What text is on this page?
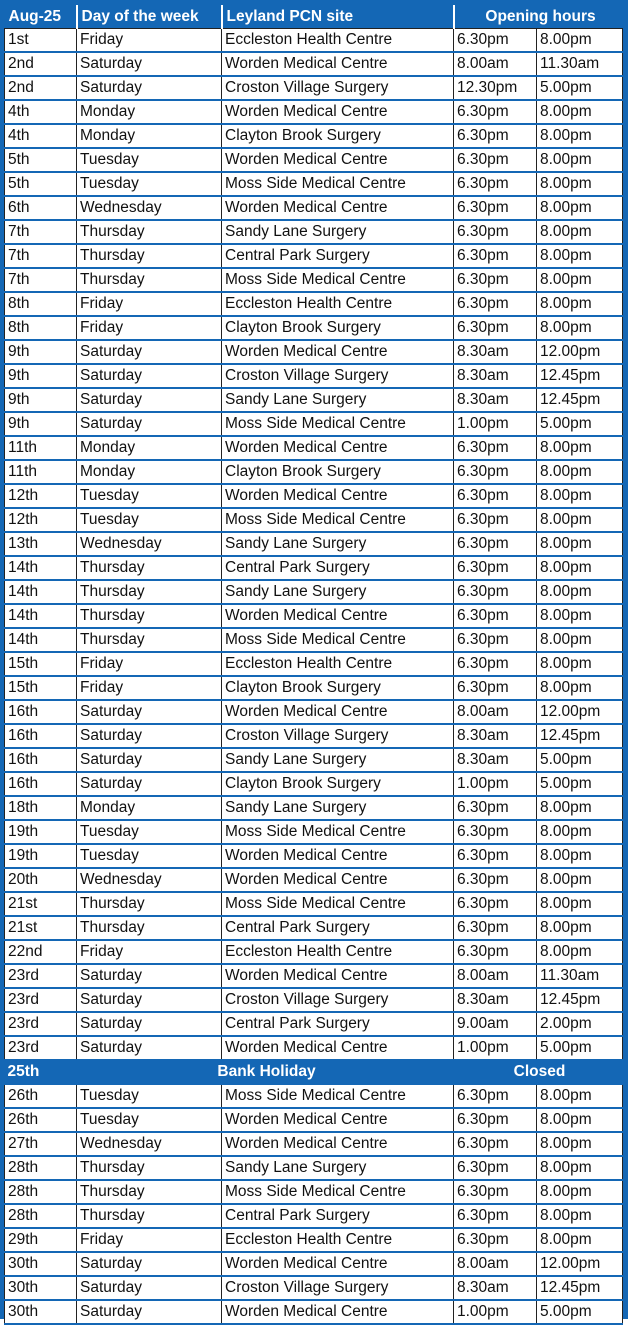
Aug-25	Day of the week	Leyland PCN site	Opening hours	
1st	Friday	Eccleston Health Centre	6.30pm	8.00pm
2nd	Saturday	Worden Medical Centre	8.00am	11.30am
2nd	Saturday	Croston Village Surgery	12.30pm	5.00pm
4th	Monday	Worden Medical Centre	6.30pm	8.00pm
4th	Monday	Clayton Brook Surgery	6.30pm	8.00pm
5th	Tuesday	Worden Medical Centre	6.30pm	8.00pm
5th	Tuesday	Moss Side Medical Centre	6.30pm	8.00pm
6th	Wednesday	Worden Medical Centre	6.30pm	8.00pm
7th	Thursday	Sandy Lane Surgery	6.30pm	8.00pm
7th	Thursday	Central Park Surgery	6.30pm	8.00pm
7th	Thursday	Moss Side Medical Centre	6.30pm	8.00pm
8th	Friday	Eccleston Health Centre	6.30pm	8.00pm
8th	Friday	Clayton Brook Surgery	6.30pm	8.00pm
9th	Saturday	Worden Medical Centre	8.30am	12.00pm
9th	Saturday	Croston Village Surgery	8.30am	12.45pm
9th	Saturday	Sandy Lane Surgery	8.30am	12.45pm
9th	Saturday	Moss Side Medical Centre	1.00pm	5.00pm
11th	Monday	Worden Medical Centre	6.30pm	8.00pm
11th	Monday	Clayton Brook Surgery	6.30pm	8.00pm
12th	Tuesday	Worden Medical Centre	6.30pm	8.00pm
12th	Tuesday	Moss Side Medical Centre	6.30pm	8.00pm
13th	Wednesday	Sandy Lane Surgery	6.30pm	8.00pm
14th	Thursday	Central Park Surgery	6.30pm	8.00pm
14th	Thursday	Sandy Lane Surgery	6.30pm	8.00pm
14th	Thursday	Worden Medical Centre	6.30pm	8.00pm
14th	Thursday	Moss Side Medical Centre	6.30pm	8.00pm
15th	Friday	Eccleston Health Centre	6.30pm	8.00pm
15th	Friday	Clayton Brook Surgery	6.30pm	8.00pm
16th	Saturday	Worden Medical Centre	8.00am	12.00pm
16th	Saturday	Croston Village Surgery	8.30am	12.45pm
16th	Saturday	Sandy Lane Surgery	8.30am	5.00pm
16th	Saturday	Clayton Brook Surgery	1.00pm	5.00pm
18th	Monday	Sandy Lane Surgery	6.30pm	8.00pm
19th	Tuesday	Moss Side Medical Centre	6.30pm	8.00pm
19th	Tuesday	Worden Medical Centre	6.30pm	8.00pm
20th	Wednesday	Worden Medical Centre	6.30pm	8.00pm
21st	Thursday	Moss Side Medical Centre	6.30pm	8.00pm
21st	Thursday	Central Park Surgery	6.30pm	8.00pm
22nd	Friday	Eccleston Health Centre	6.30pm	8.00pm
23rd	Saturday	Worden Medical Centre	8.00am	11.30am
23rd	Saturday	Croston Village Surgery	8.30am	12.45pm
23rd	Saturday	Central Park Surgery	9.00am	2.00pm
23rd	Saturday	Worden Medical Centre	1.00pm	5.00pm
25th	Bank Holiday		Closed	
26th	Tuesday	Moss Side Medical Centre	6.30pm	8.00pm
26th	Tuesday	Worden Medical Centre	6.30pm	8.00pm
27th	Wednesday	Worden Medical Centre	6.30pm	8.00pm
28th	Thursday	Sandy Lane Surgery	6.30pm	8.00pm
28th	Thursday	Moss Side Medical Centre	6.30pm	8.00pm
28th	Thursday	Central Park Surgery	6.30pm	8.00pm
29th	Friday	Eccleston Health Centre	6.30pm	8.00pm
30th	Saturday	Worden Medical Centre	8.00am	12.00pm
30th	Saturday	Croston Village Surgery	8.30am	12.45pm
30th	Saturday	Worden Medical Centre	1.00pm	5.00pm
